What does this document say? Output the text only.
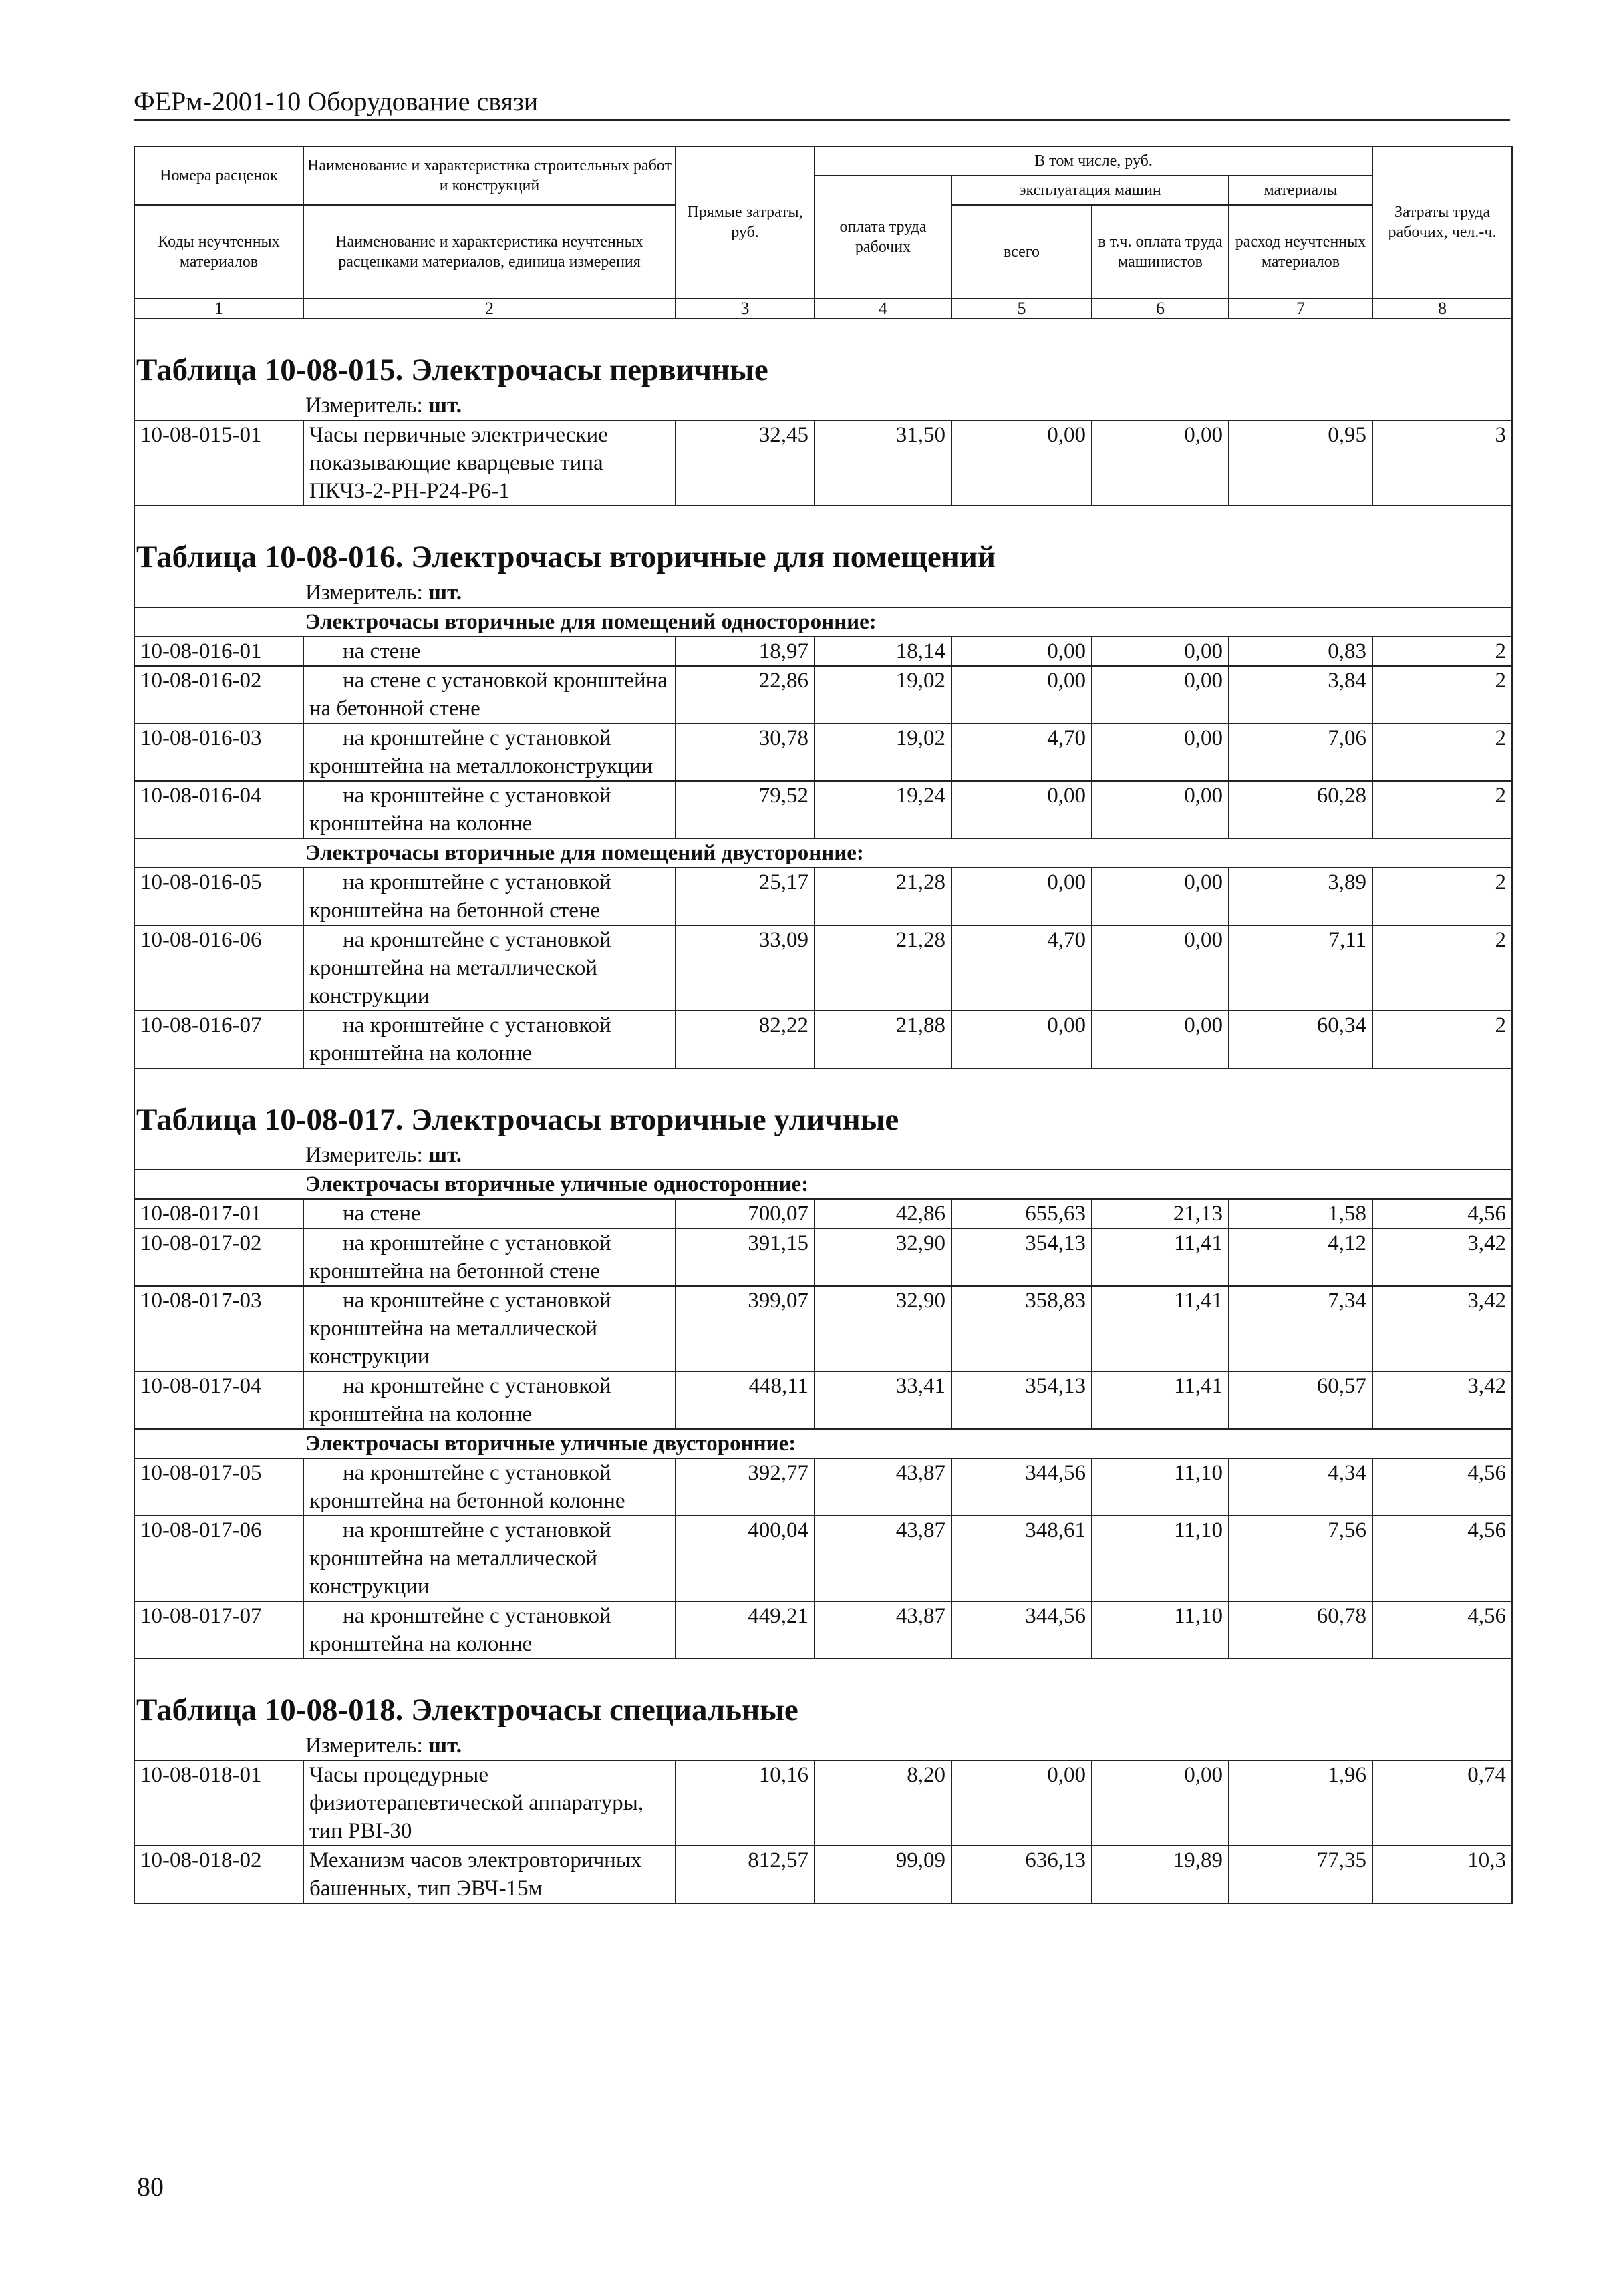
ФЕРм-2001-10 Оборудование связи
Номера расценок	Наименование и характеристика строительных работ и конструкций	Прямые затраты, руб.	В том числе, руб.				Затраты труда рабочих, чел.-ч.
			оплата труда рабочих	эксплуатация машин		материалы	
Коды неучтенных материалов	Наименование и характеристика неучтенных расценками материалов, единица измерения			всего	в т.ч. оплата труда машинистов	расход неучтенных материалов	

1	2	3	4	5	6	7	8
Таблица 10-08-015. Электрочасы первичные							
Измеритель: шт.							
10-08-015-01	Часы первичные электрические показывающие кварцевые типа ПКЧЗ-2-РН-Р24-Р6-1	32,45	31,50	0,00	0,00	0,95	3
Таблица 10-08-016. Электрочасы вторичные для помещений							
Измеритель: шт.							
Электрочасы вторичные для помещений односторонние:							
10-08-016-01	на стене	18,97	18,14	0,00	0,00	0,83	2
10-08-016-02	на стене с установкой кронштейна на бетонной стене	22,86	19,02	0,00	0,00	3,84	2
10-08-016-03	на кронштейне с установкой кронштейна на металлоконструкции	30,78	19,02	4,70	0,00	7,06	2
10-08-016-04	на кронштейне с установкой кронштейна на колонне	79,52	19,24	0,00	0,00	60,28	2
Электрочасы вторичные для помещений двусторонние:							
10-08-016-05	на кронштейне с установкой кронштейна на бетонной стене	25,17	21,28	0,00	0,00	3,89	2
10-08-016-06	на кронштейне с установкой кронштейна на металлической конструкции	33,09	21,28	4,70	0,00	7,11	2
10-08-016-07	на кронштейне с установкой кронштейна на колонне	82,22	21,88	0,00	0,00	60,34	2
Таблица 10-08-017. Электрочасы вторичные уличные							
Измеритель: шт.							
Электрочасы вторичные уличные односторонние:							
10-08-017-01	на стене	700,07	42,86	655,63	21,13	1,58	4,56
10-08-017-02	на кронштейне с установкой кронштейна на бетонной стене	391,15	32,90	354,13	11,41	4,12	3,42
10-08-017-03	на кронштейне с установкой кронштейна на металлической конструкции	399,07	32,90	358,83	11,41	7,34	3,42
10-08-017-04	на кронштейне с установкой кронштейна на колонне	448,11	33,41	354,13	11,41	60,57	3,42
Электрочасы вторичные уличные двусторонние:							
10-08-017-05	на кронштейне с установкой кронштейна на бетонной колонне	392,77	43,87	344,56	11,10	4,34	4,56
10-08-017-06	на кронштейне с установкой кронштейна на металлической конструкции	400,04	43,87	348,61	11,10	7,56	4,56
10-08-017-07	на кронштейне с установкой кронштейна на колонне	449,21	43,87	344,56	11,10	60,78	4,56
Таблица 10-08-018. Электрочасы специальные							
Измеритель: шт.							
10-08-018-01	Часы процедурные физиотерапевтической аппаратуры, тип РВI-30	10,16	8,20	0,00	0,00	1,96	0,74
10-08-018-02	Механизм часов электровторичных башенных, тип ЭВЧ-15м	812,57	99,09	636,13	19,89	77,35	10,3
80
